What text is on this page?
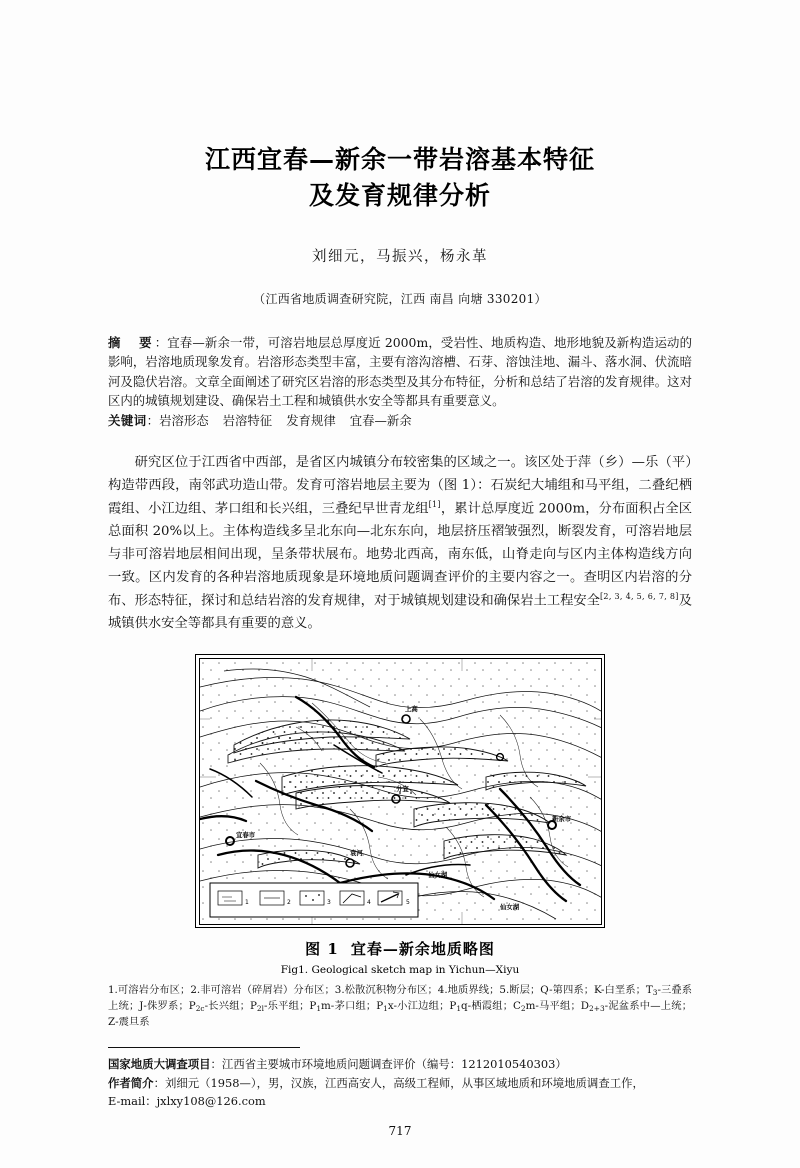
江西宜春—新余一带岩溶基本特征
及发育规律分析
刘细元，马振兴，杨永革
（江西省地质调查研究院，江西 南昌 向塘 330201）

摘　要：宜春—新余一带，可溶岩地层总厚度近 2000m，受岩性、地质构造、地形地貌及新构造运动的影响，岩溶地质现象发育。岩溶形态类型丰富，主要有溶沟溶槽、石芽、溶蚀洼地、漏斗、落水洞、伏流暗河及隐伏岩溶。文章全面阐述了研究区岩溶的形态类型及其分布特征，分析和总结了岩溶的发育规律。这对区内的城镇规划建设、确保岩土工程和城镇供水安全等都具有重要意义。

关键词：岩溶形态 岩溶特征 发育规律 宜春—新余

研究区位于江西省中西部，是省区内城镇分布较密集的区域之一。该区处于萍（乡）—乐（平）构造带西段，南邻武功造山带。发育可溶岩地层主要为（图 1）：石炭纪大埔组和马平组，二叠纪栖霞组、小江边组、茅口组和长兴组，三叠纪早世青龙组[1]，累计总厚度近 2000m，分布面积占全区总面积 20%以上。主体构造线多呈北东向—北东东向，地层挤压褶皱强烈，断裂发育，可溶岩地层与非可溶岩地层相间出现，呈条带状展布。地势北西高，南东低，山脊走向与区内主体构造线方向一致。区内发育的各种岩溶地质现象是环境地质问题调查评价的主要内容之一。查明区内岩溶的分布、形态特征，探讨和总结岩溶的发育规律，对于城镇规划建设和确保岩土工程安全[2, 3, 4, 5, 6, 7, 8]及城镇供水安全等都具有重要的意义。
宜春市
新余市
上高
分宜
袁河
仙女湖
仙女湖
1	2	3	4	5
图 1 宜春—新余地质略图
Fig1. Geological sketch map in Yichun—Xiyu
1.可溶岩分布区；2.非可溶岩（碎屑岩）分布区；3.松散沉积物分布区；4.地质界线；5.断层；Q-第四系；K-白垩系；$T_3-$三叠系上统；J-侏罗系；$P_{2c}-$长兴组；$P_{2l}-$乐平组；$P_1m-$茅口组；$P_1x-$小江边组；$P_1q-$栖霞组；$C_2m-$马平组；$D_{2+3}-$泥盆系中—上统；Z-震旦系
国家地质大调查项目：江西省主要城市环境地质问题调查评价（编号：1212010540303）
作者简介：刘细元（1958—），男，汉族，江西高安人，高级工程师，从事区域地质和环境地质调查工作，
E-mail：jxlxy108@126.com
717
